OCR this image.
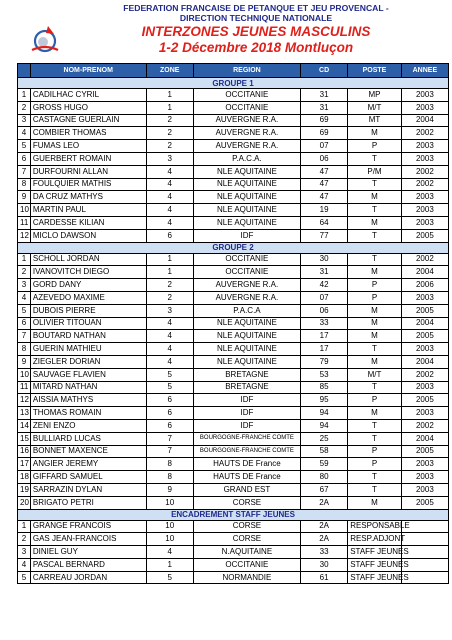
FEDERATION FRANCAISE DE PETANQUE ET JEU PROVENCAL -
DIRECTION TECHNIQUE NATIONALE
INTERZONES JEUNES MASCULINS
1-2 Décembre 2018 Montluçon
	NOM-PRENOM	ZONE	REGION	CD	POSTE	ANNEE
GROUPE 1						
1	CADILHAC CYRIL	1	OCCITANIE	31	MP	2003
2	GROSS HUGO	1	OCCITANIE	31	M/T	2003
3	CASTAGNE GUERLAIN	2	AUVERGNE R.A.	69	MT	2004
4	COMBIER THOMAS	2	AUVERGNE R.A.	69	M	2002
5	FUMAS LEO	2	AUVERGNE R.A.	07	P	2003
6	GUERBERT ROMAIN	3	P.A.C.A.	06	T	2003
7	DURFOURNI ALLAN	4	NLE AQUITAINE	47	P/M	2002
8	FOULQUIER MATHIS	4	NLE AQUITAINE	47	T	2002
9	DA CRUZ MATHYS	4	NLE AQUITAINE	47	M	2003
10	MARTIN PAUL	4	NLE AQUITAINE	19	T	2003
11	CARDESSE KILIAN	4	NLE AQUITAINE	64	M	2003
12	MICLO DAWSON	6	IDF	77	T	2005
GROUPE 2						
1	SCHOLL JORDAN	1	OCCITANIE	30	T	2002
2	IVANOVITCH DIEGO	1	OCCITANIE	31	M	2004
3	GORD DANY	2	AUVERGNE R.A.	42	P	2006
4	AZEVEDO MAXIME	2	AUVERGNE R.A.	07	P	2003
5	DUBOIS PIERRE	3	P.A.C.A	06	M	2005
6	OLIVIER TITOUAN	4	NLE AQUITAINE	33	M	2004
7	BOUTARD NATHAN	4	NLE AQUITAINE	17	M	2005
8	GUERIN MATHIEU	4	NLE AQUITAINE	17	T	2003
9	ZIEGLER DORIAN	4	NLE AQUITAINE	79	M	2004
10	SAUVAGE FLAVIEN	5	BRETAGNE	53	M/T	2002
11	MITARD NATHAN	5	BRETAGNE	85	T	2003
12	AISSIA MATHYS	6	IDF	95	P	2005
13	THOMAS ROMAIN	6	IDF	94	M	2003
14	ZENI ENZO	6	IDF	94	T	2002
15	BULLIARD LUCAS	7	BOURGOGNE-FRANCHE COMTE	25	T	2004
16	BONNET MAXENCE	7	BOURGOGNE-FRANCHE COMTE	58	P	2005
17	ANGIER JEREMY	8	HAUTS DE France	59	P	2003
18	GIFFARD SAMUEL	8	HAUTS DE France	80	T	2003
19	SARRAZIN DYLAN	9	GRAND EST	67	T	2003
20	BRIGATO PETRI	10	CORSE	2A	M	2005
ENCADREMENT STAFF JEUNES						
1	GRANGE FRANCOIS	10	CORSE	2A	RESPONSABLE	
2	GAS JEAN-FRANCOIS	10	CORSE	2A	RESP.ADJONT	
3	DINIEL GUY	4	N.AQUITAINE	33	STAFF JEUNES	
4	PASCAL BERNARD	1	OCCITANIE	30	STAFF JEUNES	
5	CARREAU JORDAN	5	NORMANDIE	61	STAFF JEUNES	
